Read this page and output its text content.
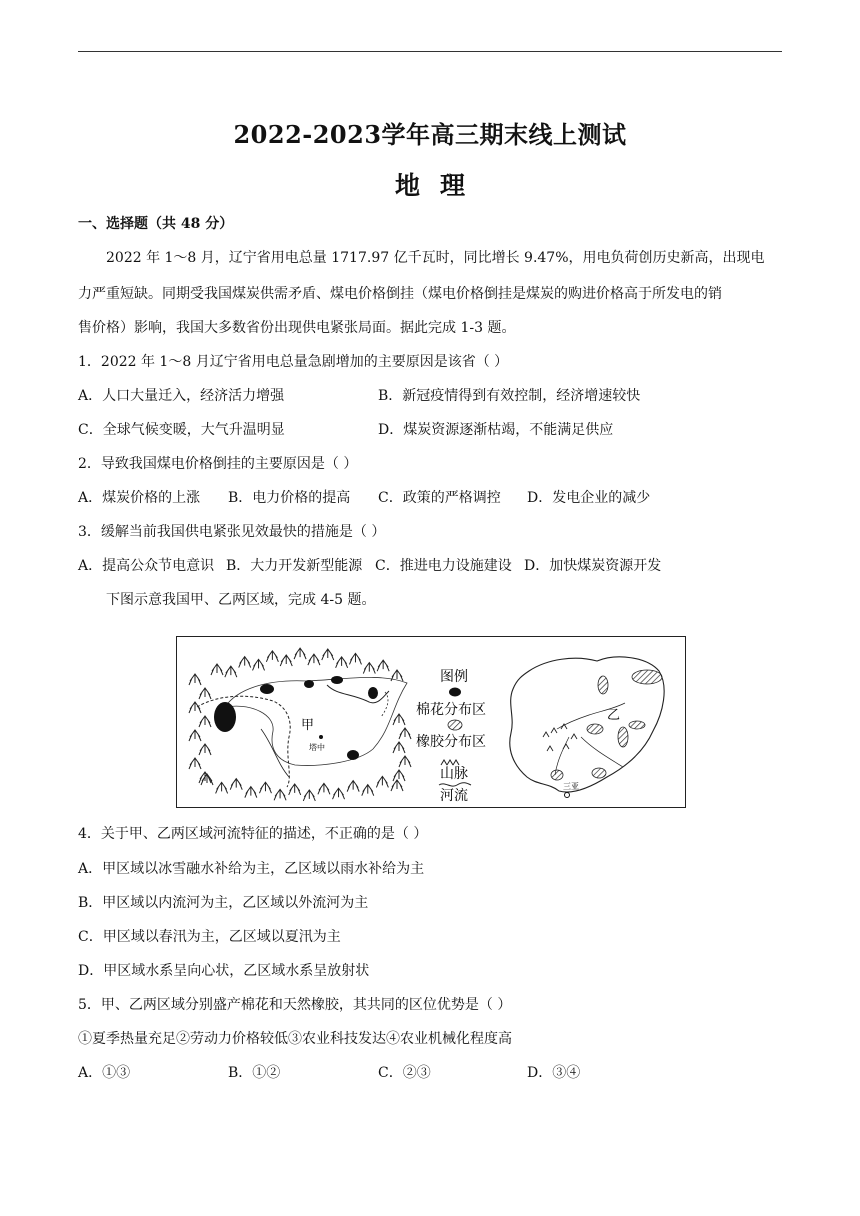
2022-2023学年高三期末线上测试
地 理
一、选择题（共 48 分）
2022 年 1～8 月，辽宁省用电总量 1717.97 亿千瓦时，同比增长 9.47%，用电负荷创历史新高，出现电
力严重短缺。同期受我国煤炭供需矛盾、煤电价格倒挂（煤电价格倒挂是煤炭的购进价格高于所发电的销
售价格）影响，我国大多数省份出现供电紧张局面。据此完成 1-3 题。
1．2022 年 1～8 月辽宁省用电总量急剧增加的主要原因是该省（ ）
A．人口大量迁入，经济活力增强	B．新冠疫情得到有效控制，经济增速较快
C．全球气候变暖，大气升温明显	D．煤炭资源逐渐枯竭，不能满足供应
2．导致我国煤电价格倒挂的主要原因是（ ）
A．煤炭价格的上涨 B．电力价格的提高 C．政策的严格调控 D．发电企业的减少
3．缓解当前我国供电紧张见效最快的措施是（ ）
A．提高公众节电意识 B．大力开发新型能源 C．推进电力设施建设 D．加快煤炭资源开发
下图示意我国甲、乙两区域，完成 4-5 题。
甲
塔中
图例
棉花分布区
橡胶分布区
山脉
河流
乙
三亚
4．关于甲、乙两区域河流特征的描述，不正确的是（ ）
A．甲区域以冰雪融水补给为主，乙区域以雨水补给为主
B．甲区域以内流河为主，乙区域以外流河为主
C．甲区域以春汛为主，乙区域以夏汛为主
D．甲区域水系呈向心状，乙区域水系呈放射状
5．甲、乙两区域分别盛产棉花和天然橡胶，其共同的区位优势是（ ）
①夏季热量充足②劳动力价格较低③农业科技发达④农业机械化程度高
A．①③	B．①②	C．②③	D．③④
